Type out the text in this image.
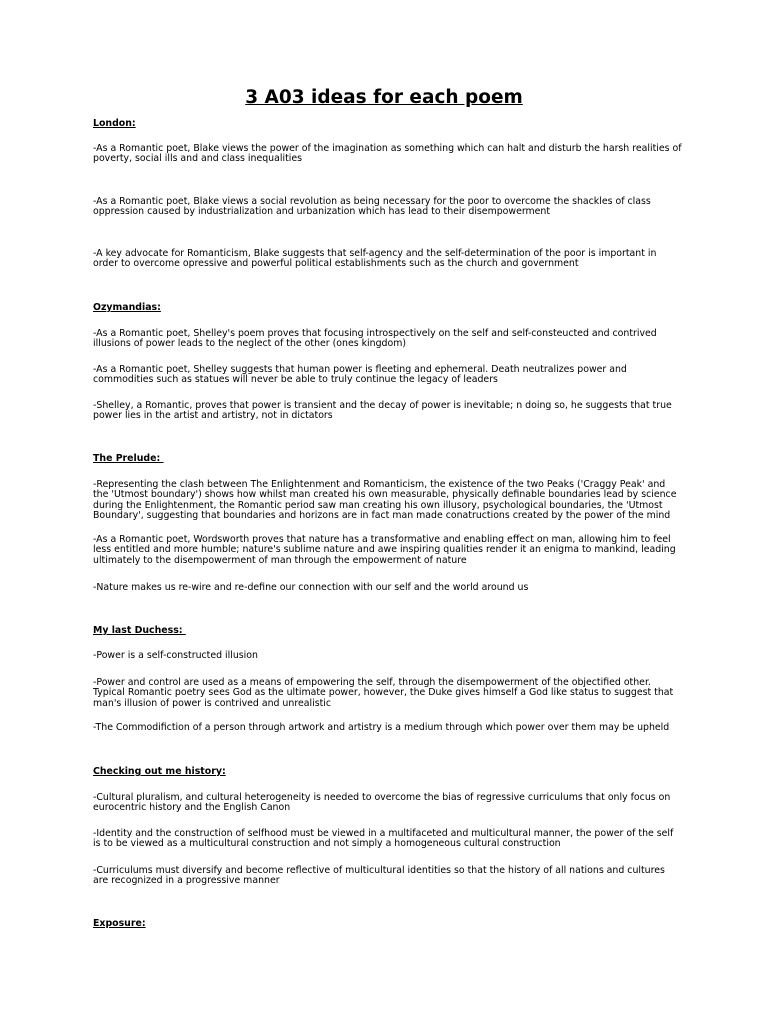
3 A03 ideas for each poem
London:

-As a Romantic poet, Blake views the power of the imagination as something which can halt and disturb the harsh realities of poverty, social ills and and class inequalities

-As a Romantic poet, Blake views a social revolution as being necessary for the poor to overcome the shackles of class oppression caused by industrialization and urbanization which has lead to their disempowerment

-A key advocate for Romanticism, Blake suggests that self-agency and the self-determination of the poor is important in order to overcome opressive and powerful political establishments such as the church and government

Ozymandias:

-As a Romantic poet, Shelley's poem proves that focusing introspectively on the self and self-consteucted and contrived illusions of power leads to the neglect of the other (ones kingdom)

-As a Romantic poet, Shelley suggests that human power is fleeting and ephemeral. Death neutralizes power and commodities such as statues will never be able to truly continue the legacy of leaders

-Shelley, a Romantic, proves that power is transient and the decay of power is inevitable; n doing so, he suggests that true power lies in the artist and artistry, not in dictators

The Prelude:

-Representing the clash between The Enlightenment and Romanticism, the existence of the two Peaks ('Craggy Peak' and the 'Utmost boundary') shows how whilst man created his own measurable, physically definable boundaries lead by science during the Enlightenment, the Romantic period saw man creating his own illusory, psychological boundaries, the 'Utmost Boundary', suggesting that boundaries and horizons are in fact man made conatructions created by the power of the mind

-As a Romantic poet, Wordsworth proves that nature has a transformative and enabling effect on man, allowing him to feel less entitled and more humble; nature's sublime nature and awe inspiring qualities render it an enigma to mankind, leading ultimately to the disempowerment of man through the empowerment of nature

-Nature makes us re-wire and re-define our connection with our self and the world around us

My last Duchess:

-Power is a self-constructed illusion

-Power and control are used as a means of empowering the self, through the disempowerment of the objectified other. Typical Romantic poetry sees God as the ultimate power, however, the Duke gives himself a God like status to suggest that man's illusion of power is contrived and unrealistic

-The Commodifiction of a person through artwork and artistry is a medium through which power over them may be upheld

Checking out me history:

-Cultural pluralism, and cultural heterogeneity is needed to overcome the bias of regressive curriculums that only focus on eurocentric history and the English Canon

-Identity and the construction of selfhood must be viewed in a multifaceted and multicultural manner, the power of the self is to be viewed as a multicultural construction and not simply a homogeneous cultural construction

-Curriculums must diversify and become reflective of multicultural identities so that the history of all nations and cultures are recognized in a progressive manner

Exposure:
